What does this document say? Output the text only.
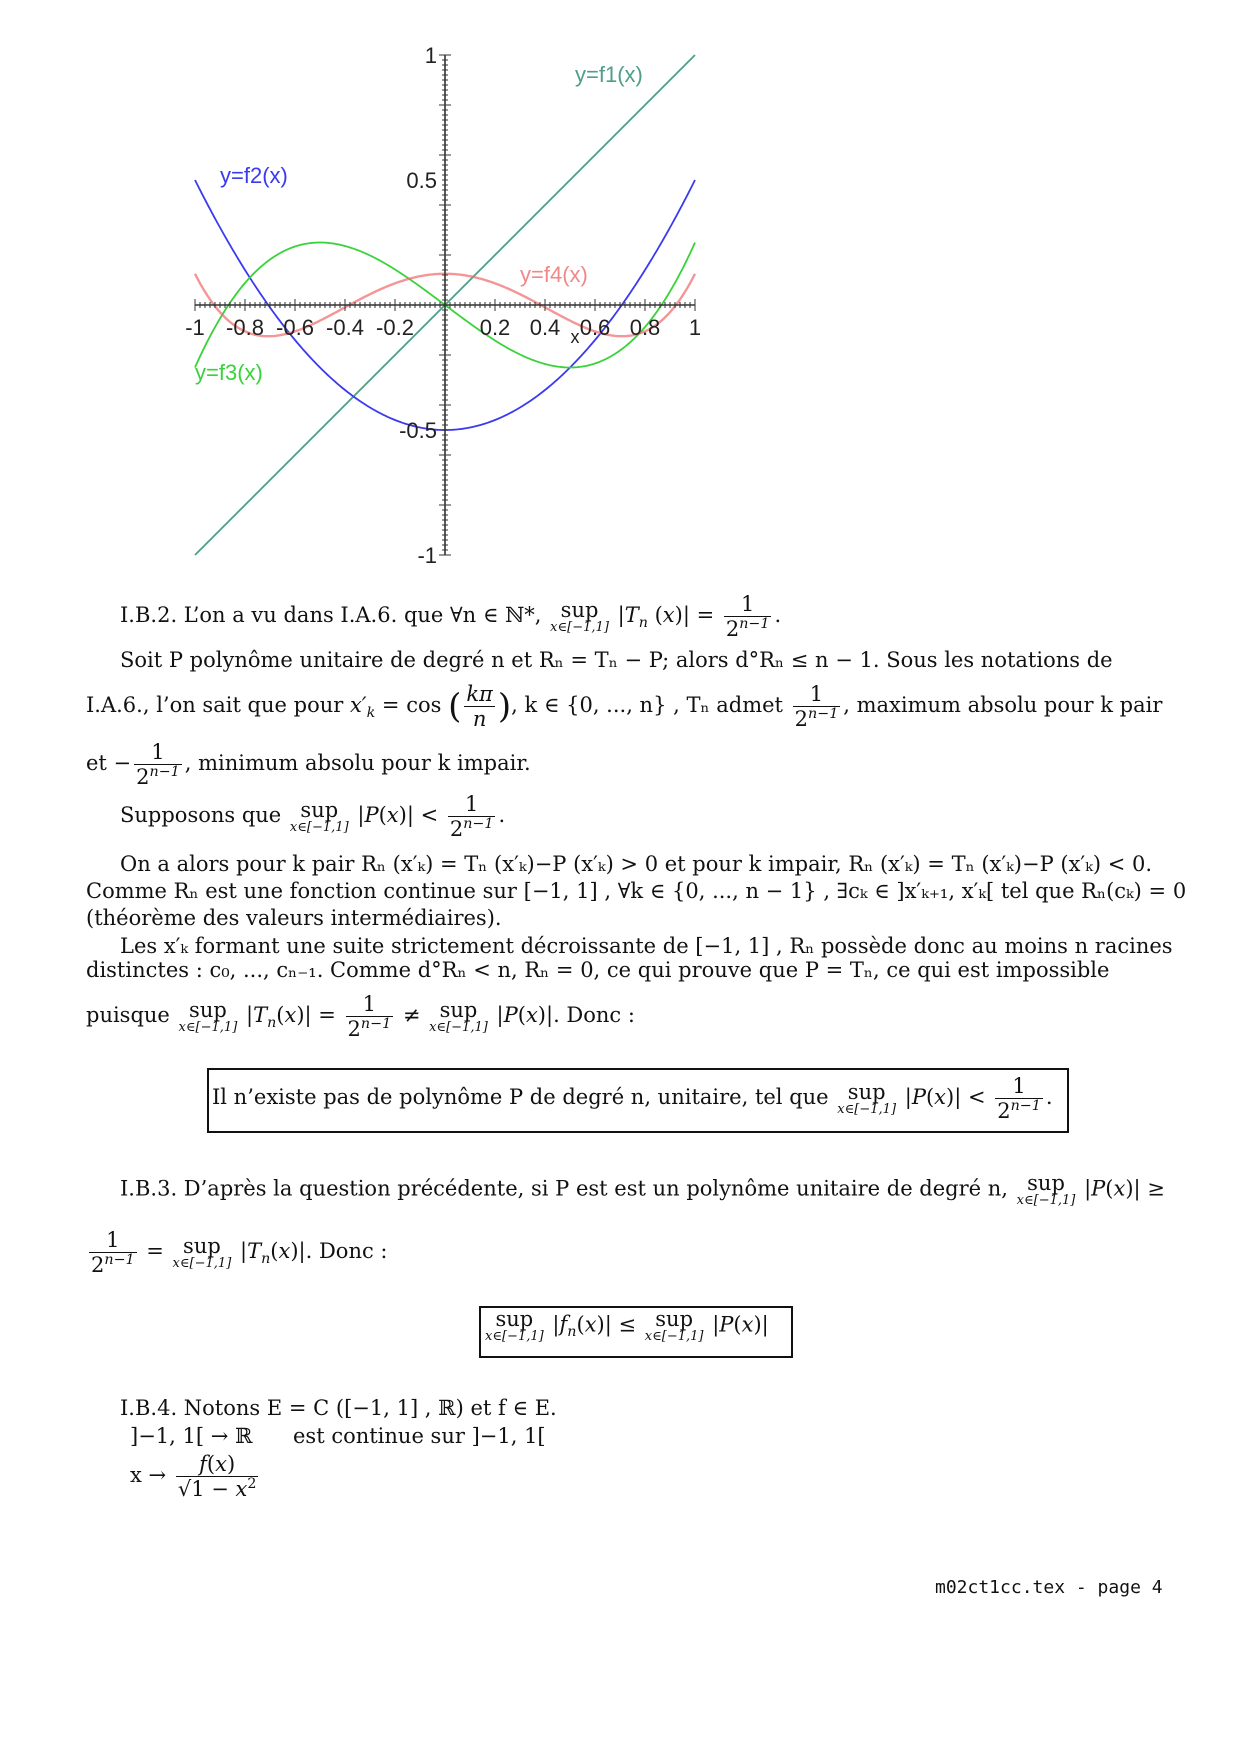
-1 -0.8 -0.6 -0.4 -0.2	0.2 0.4 0.6 0.8 1
1
0.5
-0.5
-1
x
y=f1(x)
y=f2(x)
y=f3(x)
y=f4(x)
I.B.2. L’on a vu dans I.A.6. que ∀n ∈ ℕ*, sup
x∈[−1,1]
$|T_n$ $(x)| = \frac{1}{2^{n-1}}$ .
Soit P polynôme unitaire de degré n et Rₙ = Tₙ − P; alors d°Rₙ ≤ n − 1. Sous les notations de
I.A.6., l’on sait que pour $x'_k = \cos$ ( $\frac{k\pi}{n}$ ), k ∈ {0, ..., n} , Tₙ admet $\frac{1}{2^{n-1}}$ , maximum absolu pour k pair
et − $\frac{1}{2^{n-1}}$ , minimum absolu pour k impair.
Supposons que sup
x∈[−1,1]
$|P(x)| < \frac{1}{2^{n-1}}$ .
On a alors pour k pair Rₙ (x′ₖ) = Tₙ (x′ₖ)−P (x′ₖ) > 0 et pour k impair, Rₙ (x′ₖ) = Tₙ (x′ₖ)−P (x′ₖ) < 0.
Comme Rₙ est une fonction continue sur [−1, 1] , ∀k ∈ {0, ..., n − 1} , ∃cₖ ∈ ]x′ₖ₊₁, x′ₖ[ tel que Rₙ(cₖ) = 0
(théorème des valeurs intermédiaires).
Les x′ₖ formant une suite strictement décroissante de [−1, 1] , Rₙ possède donc au moins n racines
distinctes : c₀, ..., cₙ₋₁. Comme d°Rₙ < n, Rₙ = 0, ce qui prouve que P = Tₙ, ce qui est impossible
puisque sup
x∈[−1,1]
$|T_n(x)| = \frac{1}{2^{n-1}}$ ≠ sup
x∈[−1,1]
|P(x)|. Donc :
Il n’existe pas de polynôme P de degré n, unitaire, tel que sup
x∈[−1,1]
$|P(x)| < \frac{1}{2^{n-1}}$ .
I.B.3. D’après la question précédente, si P est est un polynôme unitaire de degré n, sup
x∈[−1,1]
|P(x)| ≥
$\frac{1}{2^{n-1}}$ = sup
x∈[−1,1]
$|T_n(x)|$. Donc :
sup
x∈[−1,1]
$|f_n(x)|$ ≤ sup
x∈[−1,1]
|P(x)|
I.B.4. Notons E = C ([−1, 1] , ℝ) et f ∈ E.
]−1, 1[ → ℝ est continue sur ]−1, 1[
$x \to \frac{f(x)}{√1 - x^2}$
m02ct1cc.tex - page 4
